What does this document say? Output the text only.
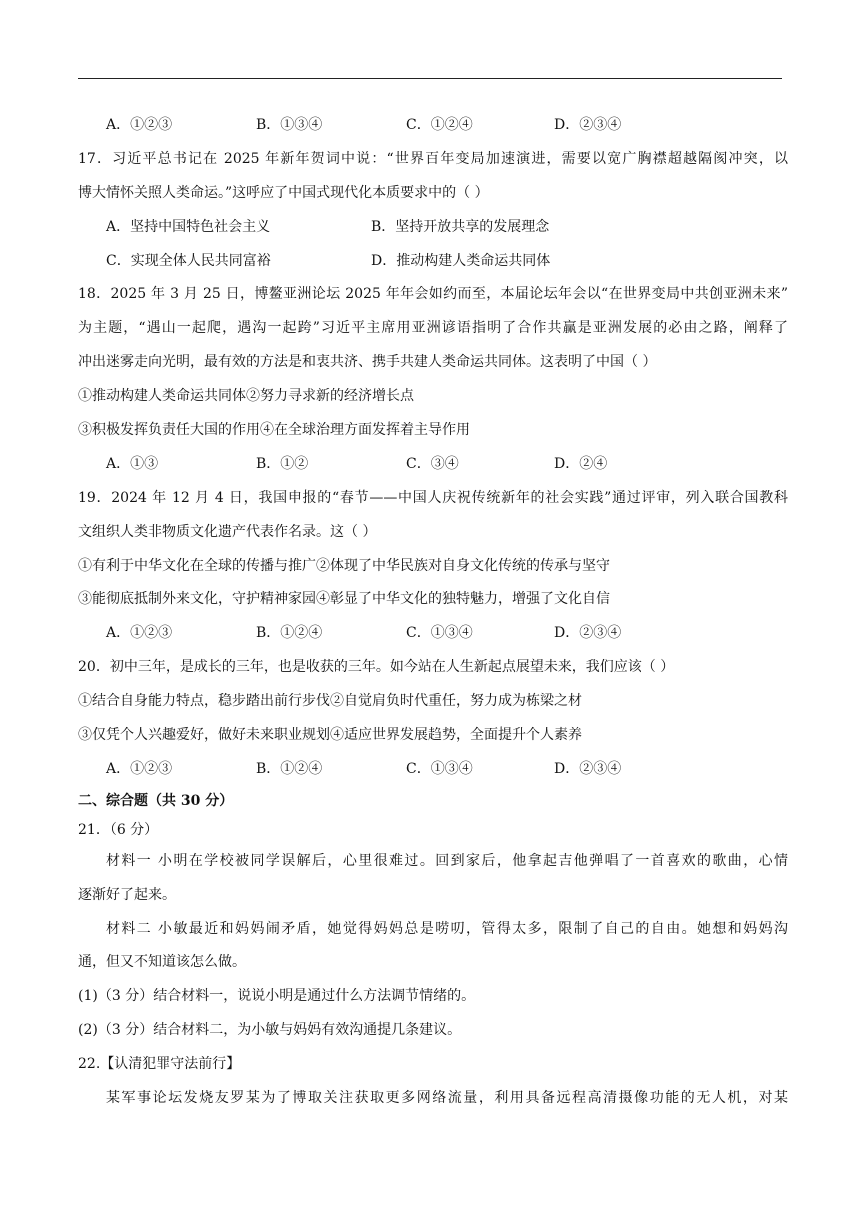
A．①②③	B．①③④	C．①②④	D．②③④
17．习近平总书记在 2025 年新年贺词中说：“世界百年变局加速演进，需要以宽广胸襟超越隔阂冲突，以
博大情怀关照人类命运。”这呼应了中国式现代化本质要求中的（ ）
A．坚持中国特色社会主义	B．坚持开放共享的发展理念
C．实现全体人民共同富裕	D．推动构建人类命运共同体
18．2025 年 3 月 25 日，博鳌亚洲论坛 2025 年年会如约而至，本届论坛年会以“在世界变局中共创亚洲未来”
为主题，“遇山一起爬，遇沟一起跨”习近平主席用亚洲谚语指明了合作共赢是亚洲发展的必由之路，阐释了
冲出迷雾走向光明，最有效的方法是和衷共济、携手共建人类命运共同体。这表明了中国（ ）
①推动构建人类命运共同体②努力寻求新的经济增长点
③积极发挥负责任大国的作用④在全球治理方面发挥着主导作用
A．①③	B．①②	C．③④	D．②④
19．2024 年 12 月 4 日，我国申报的“春节——中国人庆祝传统新年的社会实践”通过评审，列入联合国教科
文组织人类非物质文化遗产代表作名录。这（ ）
①有利于中华文化在全球的传播与推广②体现了中华民族对自身文化传统的传承与坚守
③能彻底抵制外来文化，守护精神家园④彰显了中华文化的独特魅力，增强了文化自信
A．①②③	B．①②④	C．①③④	D．②③④
20．初中三年，是成长的三年，也是收获的三年。如今站在人生新起点展望未来，我们应该（ ）
①结合自身能力特点，稳步踏出前行步伐②自觉肩负时代重任，努力成为栋梁之材
③仅凭个人兴趣爱好，做好未来职业规划④适应世界发展趋势，全面提升个人素养
A．①②③	B．①②④	C．①③④	D．②③④
二、综合题（共 30 分）
21．（6 分）
材料一 小明在学校被同学误解后，心里很难过。回到家后，他拿起吉他弹唱了一首喜欢的歌曲，心情
逐渐好了起来。
材料二 小敏最近和妈妈闹矛盾，她觉得妈妈总是唠叨，管得太多，限制了自己的自由。她想和妈妈沟
通，但又不知道该怎么做。
(1)（3 分）结合材料一，说说小明是通过什么方法调节情绪的。
(2)（3 分）结合材料二，为小敏与妈妈有效沟通提几条建议。
22.【认清犯罪守法前行】
某军事论坛发烧友罗某为了博取关注获取更多网络流量，利用具备远程高清摄像功能的无人机，对某
